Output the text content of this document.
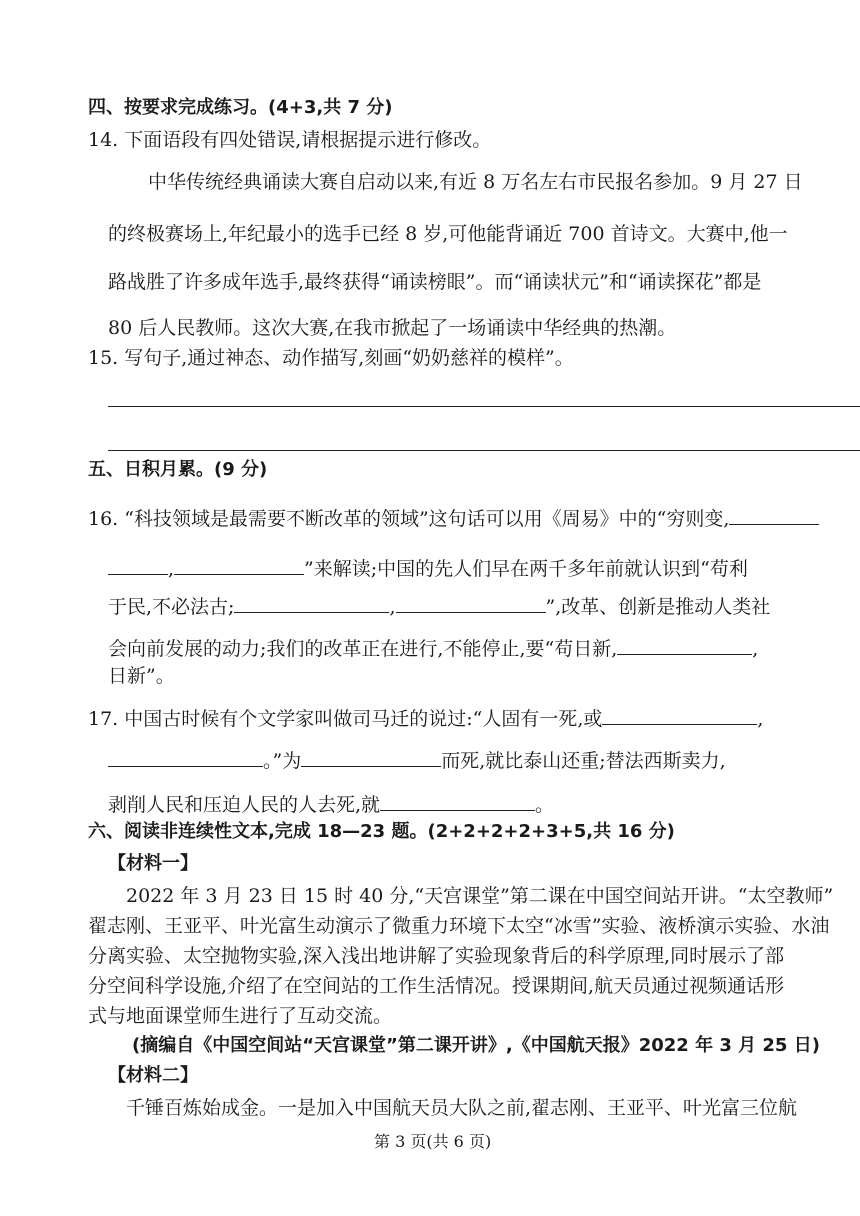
四、按要求完成练习。(4+3,共 7 分)
14. 下面语段有四处错误,请根据提示进行修改。
中华传统经典诵读大赛自启动以来,有近 8 万名左右市民报名参加。9 月 27 日
的终极赛场上,年纪最小的选手已经 8 岁,可他能背诵近 700 首诗文。大赛中,他一
路战胜了许多成年选手,最终获得“诵读榜眼”。而“诵读状元”和“诵读探花”都是
80 后人民教师。这次大赛,在我市掀起了一场诵读中华经典的热潮。
15. 写句子,通过神态、动作描写,刻画“奶奶慈祥的模样”。
五、日积月累。(9 分)
16. “科技领域是最需要不断改革的领域”这句话可以用《周易》中的“穷则变,
,	”来解读;中国的先人们早在两千多年前就认识到“苟利
于民,不必法古;	,	”,改革、创新是推动人类社
会向前发展的动力;我们的改革正在进行,不能停止,要“苟日新,	,
日新”。
17. 中国古时候有个文学家叫做司马迁的说过:“人固有一死,或	,
。”为	而死,就比泰山还重;替法西斯卖力,
剥削人民和压迫人民的人去死,就	。
六、阅读非连续性文本,完成 18—23 题。(2+2+2+2+3+5,共 16 分)
【材料一】
2022 年 3 月 23 日 15 时 40 分,“天宫课堂”第二课在中国空间站开讲。“太空教师”
翟志刚、王亚平、叶光富生动演示了微重力环境下太空“冰雪”实验、液桥演示实验、水油
分离实验、太空抛物实验,深入浅出地讲解了实验现象背后的科学原理,同时展示了部
分空间科学设施,介绍了在空间站的工作生活情况。授课期间,航天员通过视频通话形
式与地面课堂师生进行了互动交流。
(摘编自《中国空间站“天宫课堂”第二课开讲》,《中国航天报》2022 年 3 月 25 日)
【材料二】
千锤百炼始成金。一是加入中国航天员大队之前,翟志刚、王亚平、叶光富三位航
第 3 页(共 6 页)
